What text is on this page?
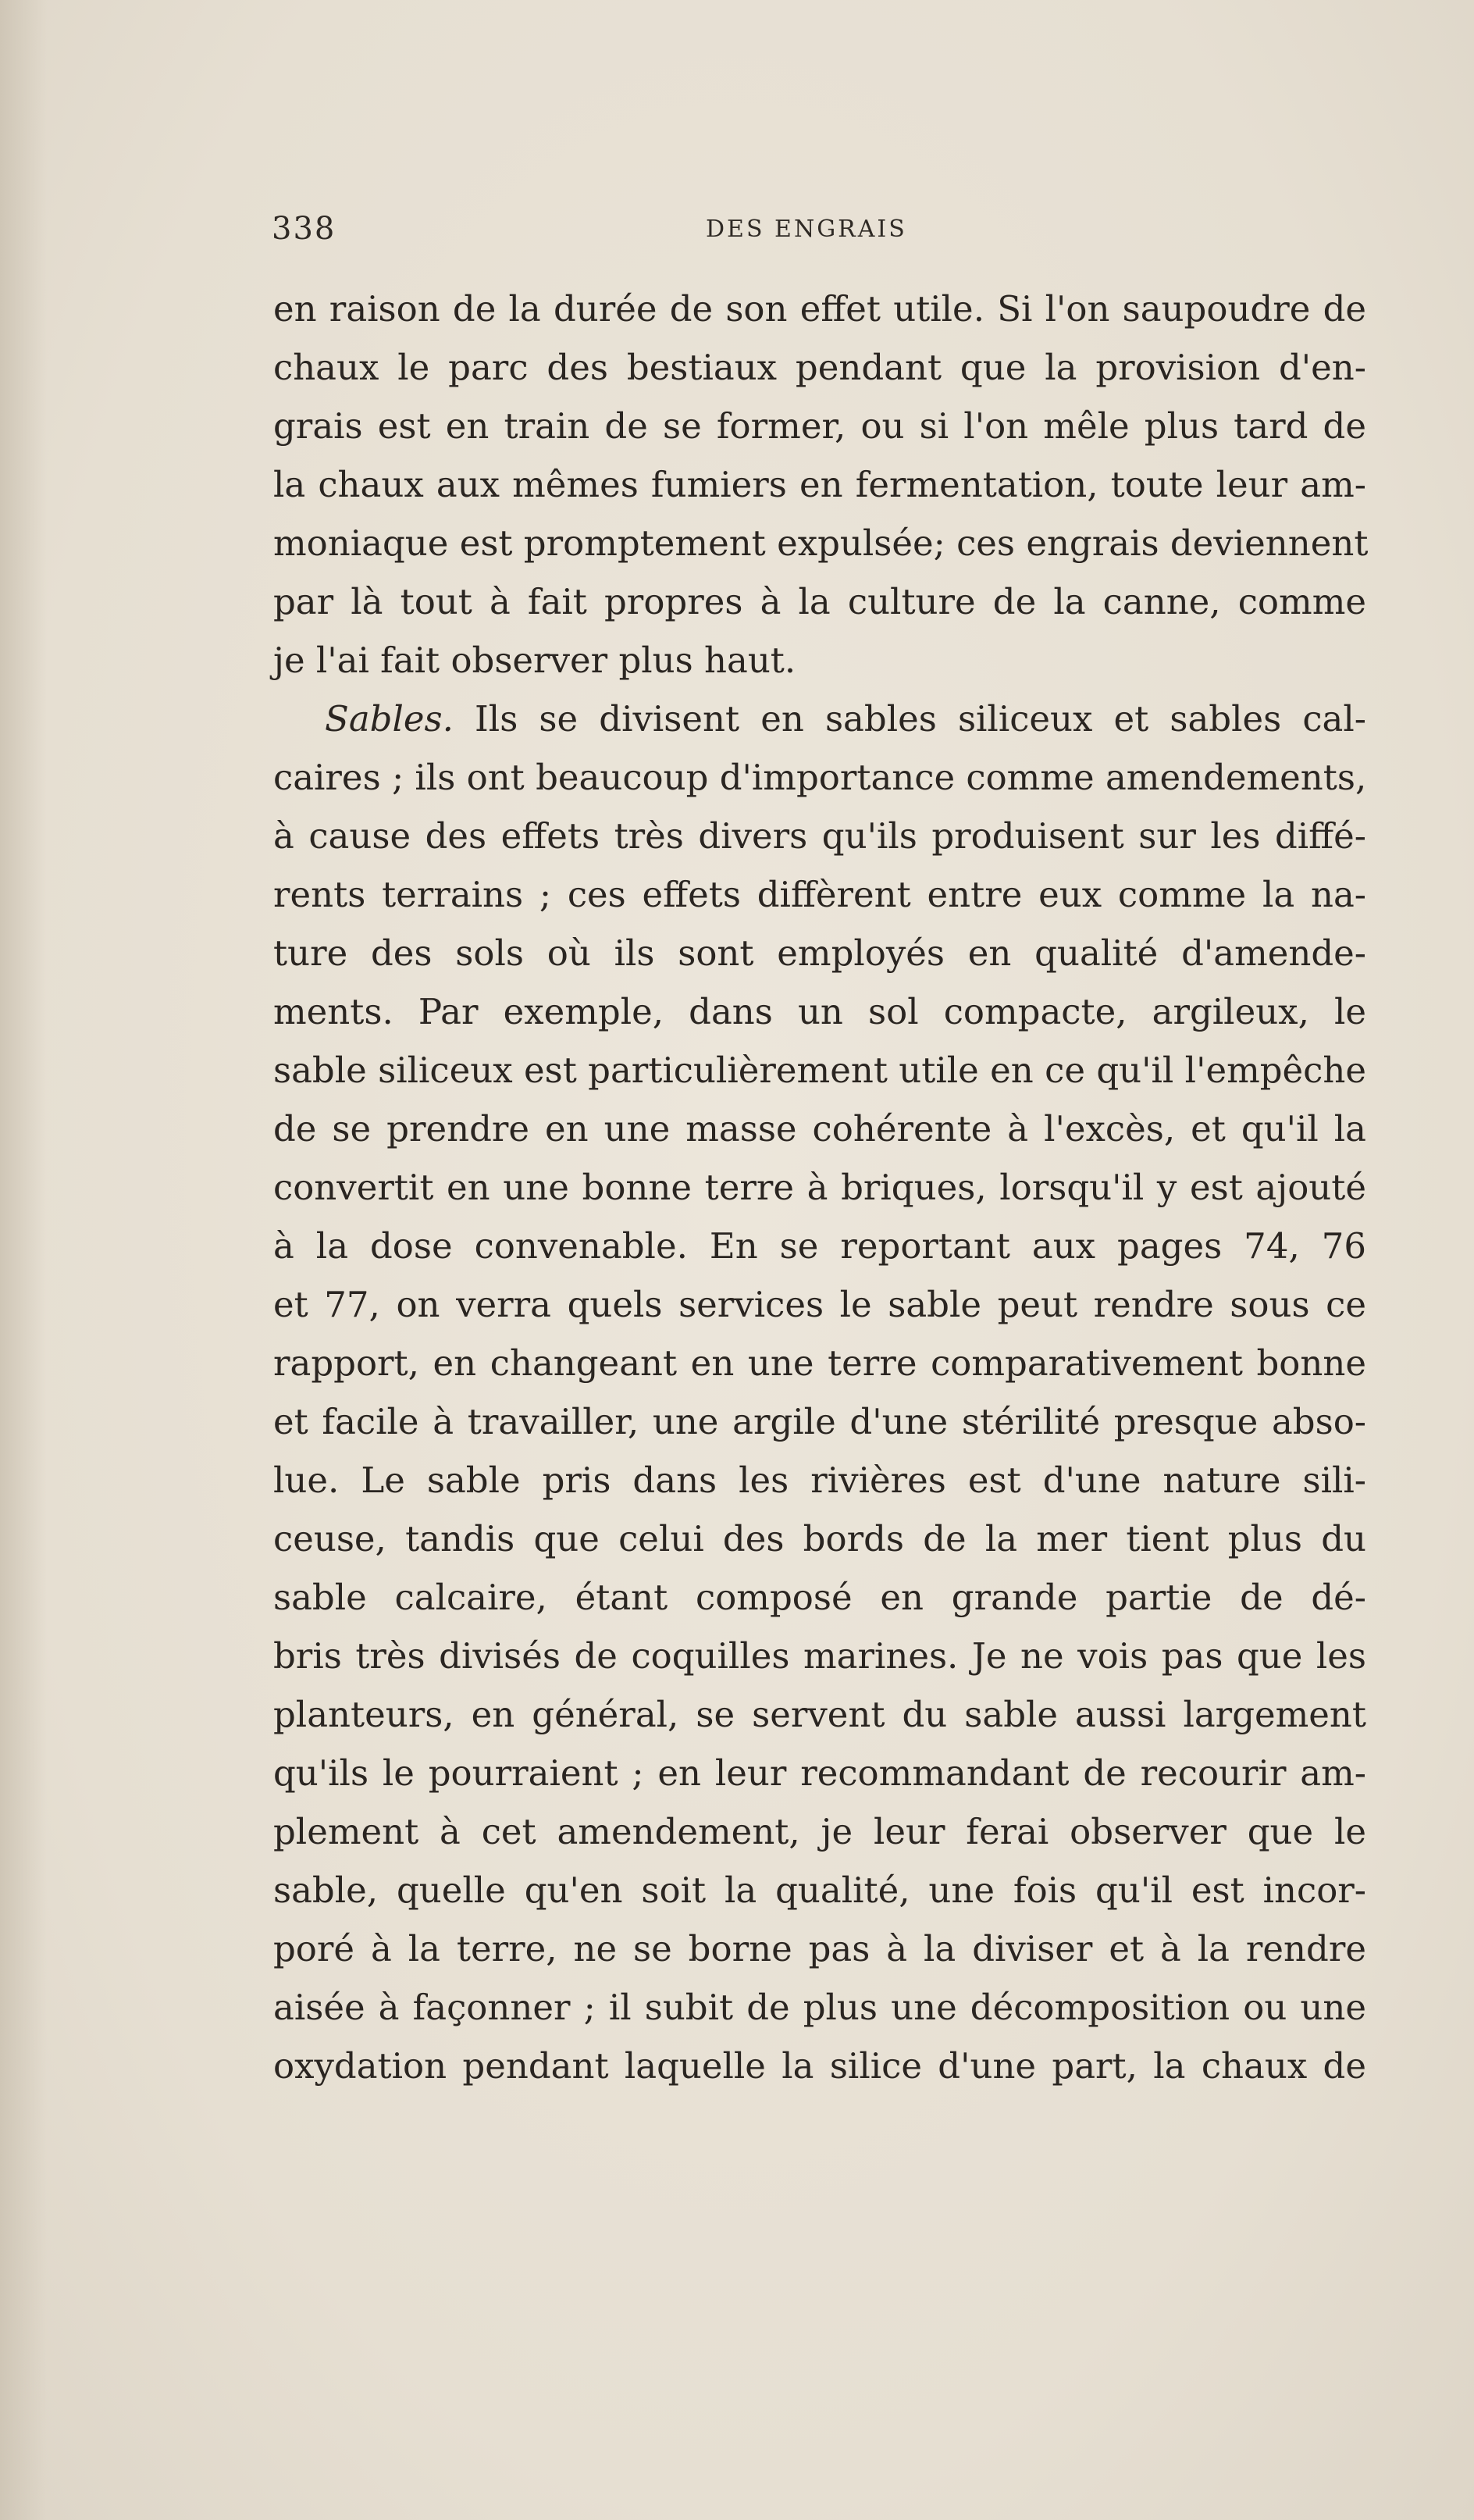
338	DES ENGRAIS
en raison de la durée de son effet utile. Si l'on saupoudre de
chaux le parc des bestiaux pendant que la provision d'en-
grais est en train de se former, ou si l'on mêle plus tard de
la chaux aux mêmes fumiers en fermentation, toute leur am-
moniaque est promptement expulsée; ces engrais deviennent
par là tout à fait propres à la culture de la canne, comme
je l'ai fait observer plus haut.
Sables. Ils se divisent en sables siliceux et sables cal-
caires ; ils ont beaucoup d'importance comme amendements,
à cause des effets très divers qu'ils produisent sur les diffé-
rents terrains ; ces effets diffèrent entre eux comme la na-
ture des sols où ils sont employés en qualité d'amende-
ments. Par exemple, dans un sol compacte, argileux, le
sable siliceux est particulièrement utile en ce qu'il l'empêche
de se prendre en une masse cohérente à l'excès, et qu'il la
convertit en une bonne terre à briques, lorsqu'il y est ajouté
à la dose convenable. En se reportant aux pages 74, 76
et 77, on verra quels services le sable peut rendre sous ce
rapport, en changeant en une terre comparativement bonne
et facile à travailler, une argile d'une stérilité presque abso-
lue. Le sable pris dans les rivières est d'une nature sili-
ceuse, tandis que celui des bords de la mer tient plus du
sable calcaire, étant composé en grande partie de dé-
bris très divisés de coquilles marines. Je ne vois pas que les
planteurs, en général, se servent du sable aussi largement
qu'ils le pourraient ; en leur recommandant de recourir am-
plement à cet amendement, je leur ferai observer que le
sable, quelle qu'en soit la qualité, une fois qu'il est incor-
poré à la terre, ne se borne pas à la diviser et à la rendre
aisée à façonner ; il subit de plus une décomposition ou une
oxydation pendant laquelle la silice d'une part, la chaux de
